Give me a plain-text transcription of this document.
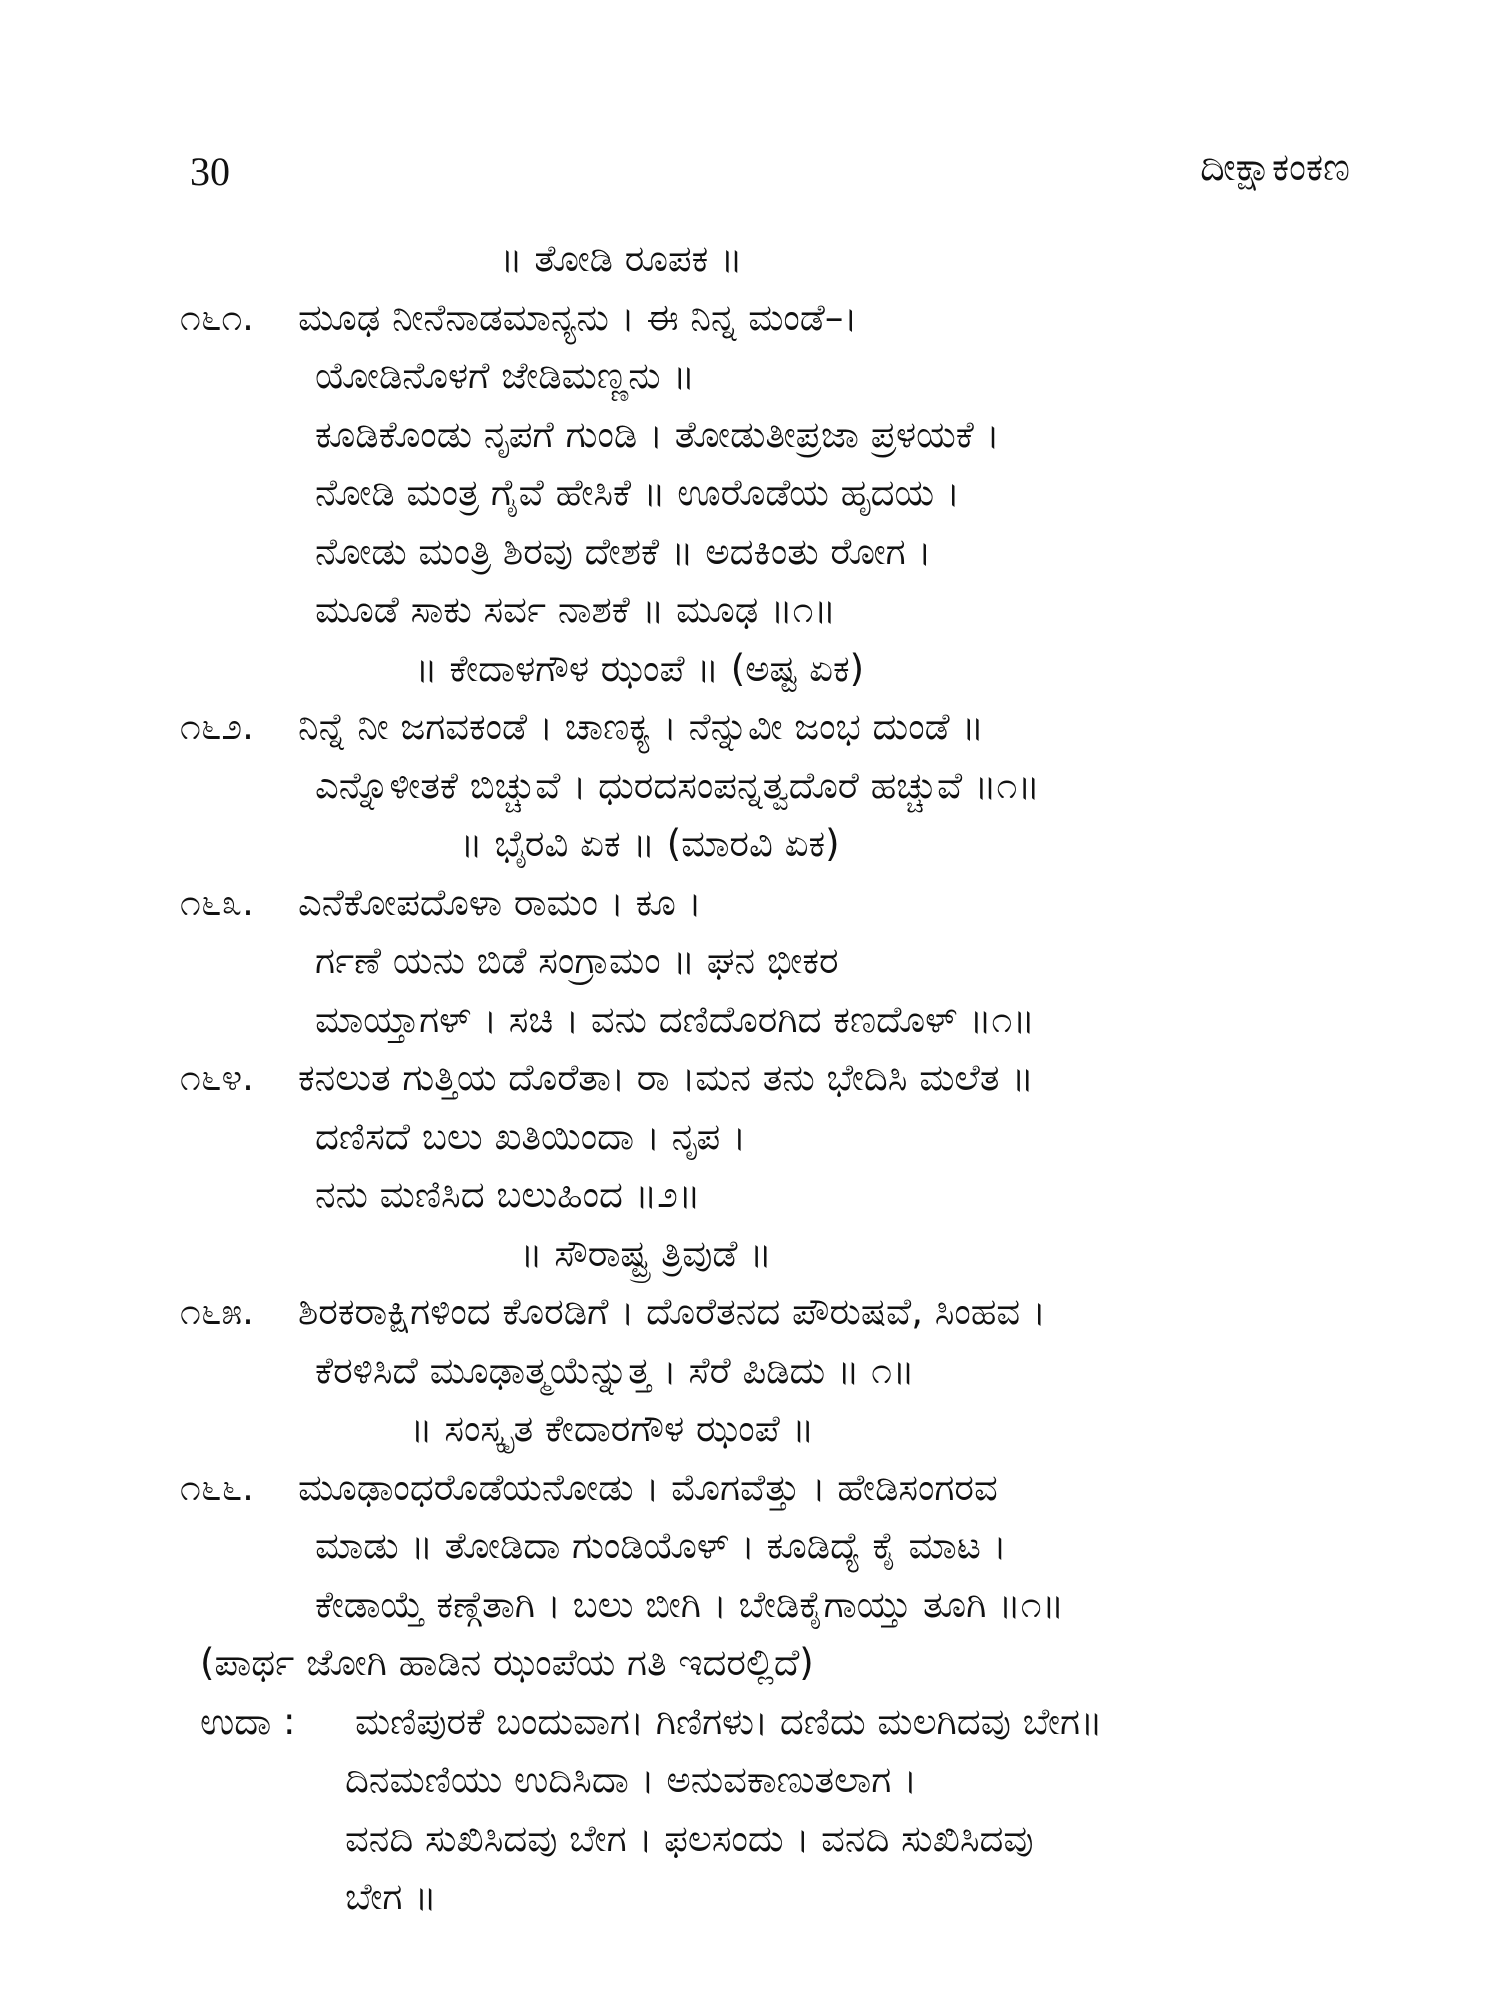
30	ದೀಕ್ಷಾಕಂಕಣ
॥ ತೋಡಿ ರೂಪಕ ॥
೧೬೧. ಮೂಢ ನೀನೆನಾಡಮಾನ್ಯನು । ಈ ನಿನ್ನ ಮಂಡೆ–।
ಯೋಡಿನೊಳಗೆ ಜೇಡಿಮಣ್ಣನು ॥
ಕೂಡಿಕೊಂಡು ನೃಪಗೆ ಗುಂಡಿ । ತೋಡುತೀಪ್ರಜಾ ಪ್ರಳಯಕೆ ।
ನೋಡಿ ಮಂತ್ರ ಗೈವೆ ಹೇಸಿಕೆ ॥ ಊರೊಡೆಯ ಹೃದಯ ।
ನೋಡು ಮಂತ್ರಿ ಶಿರವು ದೇಶಕೆ ॥ ಅದಕಿಂತು ರೋಗ ।
ಮೂಡೆ ಸಾಕು ಸರ್ವ ನಾಶಕೆ ॥ ಮೂಢ ॥೧॥
॥ ಕೇದಾಳಗೌಳ ಝಂಪೆ ॥ (ಅಷ್ಟ ಏಕ)
೧೬೨. ನಿನ್ನೆ ನೀ ಜಗವಕಂಡೆ । ಚಾಣಕ್ಯ । ನೆನ್ನುವೀ ಜಂಭ ದುಂಡೆ ॥
ಎನ್ನೊಳೀತಕೆ ಬಿಚ್ಚುವೆ । ಧುರದಸಂಪನ್ನತ್ವದೊರೆ ಹಚ್ಚುವೆ ॥೧॥
॥ ಭೈರವಿ ಏಕ ॥ (ಮಾರವಿ ಏಕ)
೧೬೩. ಎನೆಕೋಪದೊಳಾ ರಾಮಂ । ಕೂ ।
ರ್ಗಣೆ ಯನು ಬಿಡೆ ಸಂಗ್ರಾಮಂ ॥ ಘನ ಭೀಕರ
ಮಾಯ್ತಾಗಳ್ । ಸಚಿ । ವನು ದಣಿದೊರಗಿದ ಕಣದೊಳ್ ॥೧॥
೧೬೪. ಕನಲುತ ಗುತ್ತಿಯ ದೊರೆತಾ। ರಾ ।ಮನ ತನು ಭೇದಿಸಿ ಮಲೆತ ॥
ದಣಿಸದೆ ಬಲು ಖತಿಯಿಂದಾ । ನೃಪ ।
ನನು ಮಣಿಸಿದ ಬಲುಹಿಂದ ॥೨॥
॥ ಸೌರಾಷ್ಟ್ರ ತ್ರಿವುಡೆ ॥
೧೬೫. ಶಿರಕರಾಕ್ಷಿಗಳಿಂದ ಕೊರಡಿಗೆ । ದೊರೆತನದ ಪೌರುಷವೆ, ಸಿಂಹವ ।
ಕೆರಳಿಸಿದೆ ಮೂಢಾತ್ಮಯೆನ್ನುತ್ತ । ಸೆರೆ ಪಿಡಿದು ॥ ೧॥
॥ ಸಂಸ್ಕೃತ ಕೇದಾರಗೌಳ ಝಂಪೆ ॥
೧೬೬. ಮೂಢಾಂಧರೊಡೆಯನೋಡು । ಮೊಗವೆತ್ತು । ಹೇಡಿಸಂಗರವ
ಮಾಡು ॥ ತೋಡಿದಾ ಗುಂಡಿಯೊಳ್ । ಕೂಡಿದ್ಯೆ ಕೈ ಮಾಟ ।
ಕೇಡಾಯ್ತೆ ಕಣ್ಗೆತಾಗಿ । ಬಲು ಬೀಗಿ । ಬೇಡಿಕೈಗಾಯ್ತು ತೂಗಿ ॥೧॥
(ಪಾರ್ಥ ಜೋಗಿ ಹಾಡಿನ ಝಂಪೆಯ ಗತಿ ಇದರಲ್ಲಿದೆ)
ಉದಾ : ಮಣಿಪುರಕೆ ಬಂದುವಾಗ। ಗಿಣಿಗಳು। ದಣಿದು ಮಲಗಿದವು ಬೇಗ॥
ದಿನಮಣಿಯು ಉದಿಸಿದಾ । ಅನುವಕಾಣುತಲಾಗ ।
ವನದಿ ಸುಖಿಸಿದವು ಬೇಗ । ಫಲಸಂದು । ವನದಿ ಸುಖಿಸಿದವು
ಬೇಗ ॥
